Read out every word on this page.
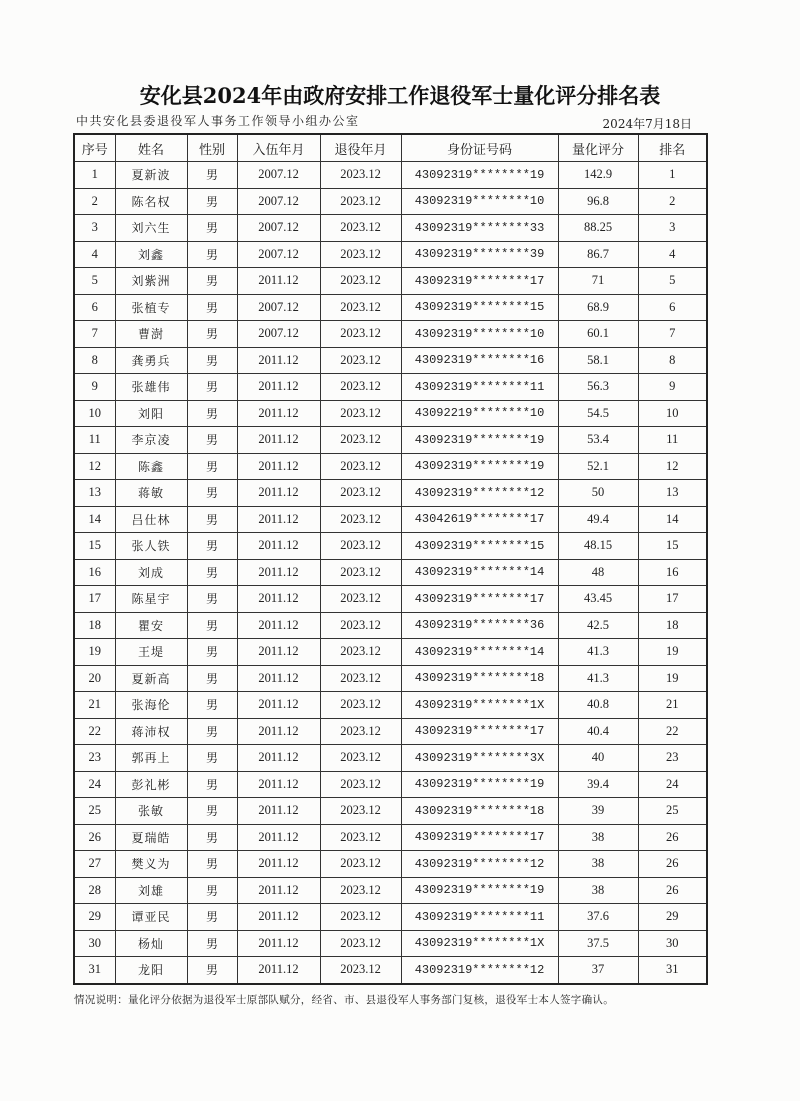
安化县2024年由政府安排工作退役军士量化评分排名表
中共安化县委退役军人事务工作领导小组办公室	2024年7月18日
序号	姓名	性别	入伍年月	退役年月	身份证号码	量化评分	排名
1	夏新波	男	2007.12	2023.12	43092319********19	142.9	1
2	陈名权	男	2007.12	2023.12	43092319********10	96.8	2
3	刘六生	男	2007.12	2023.12	43092319********33	88.25	3
4	刘鑫	男	2007.12	2023.12	43092319********39	86.7	4
5	刘紫洲	男	2011.12	2023.12	43092319********17	71	5
6	张植专	男	2007.12	2023.12	43092319********15	68.9	6
7	曹澍	男	2007.12	2023.12	43092319********10	60.1	7
8	龚勇兵	男	2011.12	2023.12	43092319********16	58.1	8
9	张雄伟	男	2011.12	2023.12	43092319********11	56.3	9
10	刘阳	男	2011.12	2023.12	43092219********10	54.5	10
11	李京凌	男	2011.12	2023.12	43092319********19	53.4	11
12	陈鑫	男	2011.12	2023.12	43092319********19	52.1	12
13	蒋敏	男	2011.12	2023.12	43092319********12	50	13
14	吕仕林	男	2011.12	2023.12	43042619********17	49.4	14
15	张人铁	男	2011.12	2023.12	43092319********15	48.15	15
16	刘成	男	2011.12	2023.12	43092319********14	48	16
17	陈星宇	男	2011.12	2023.12	43092319********17	43.45	17
18	瞿安	男	2011.12	2023.12	43092319********36	42.5	18
19	王堤	男	2011.12	2023.12	43092319********14	41.3	19
20	夏新高	男	2011.12	2023.12	43092319********18	41.3	19
21	张海伦	男	2011.12	2023.12	43092319********1X	40.8	21
22	蒋沛权	男	2011.12	2023.12	43092319********17	40.4	22
23	郭再上	男	2011.12	2023.12	43092319********3X	40	23
24	彭礼彬	男	2011.12	2023.12	43092319********19	39.4	24
25	张敏	男	2011.12	2023.12	43092319********18	39	25
26	夏瑞皓	男	2011.12	2023.12	43092319********17	38	26
27	樊义为	男	2011.12	2023.12	43092319********12	38	26
28	刘雄	男	2011.12	2023.12	43092319********19	38	26
29	谭亚民	男	2011.12	2023.12	43092319********11	37.6	29
30	杨灿	男	2011.12	2023.12	43092319********1X	37.5	30
31	龙阳	男	2011.12	2023.12	43092319********12	37	31
情况说明：量化评分依据为退役军士原部队赋分，经省、市、县退役军人事务部门复核，退役军士本人签字确认。
